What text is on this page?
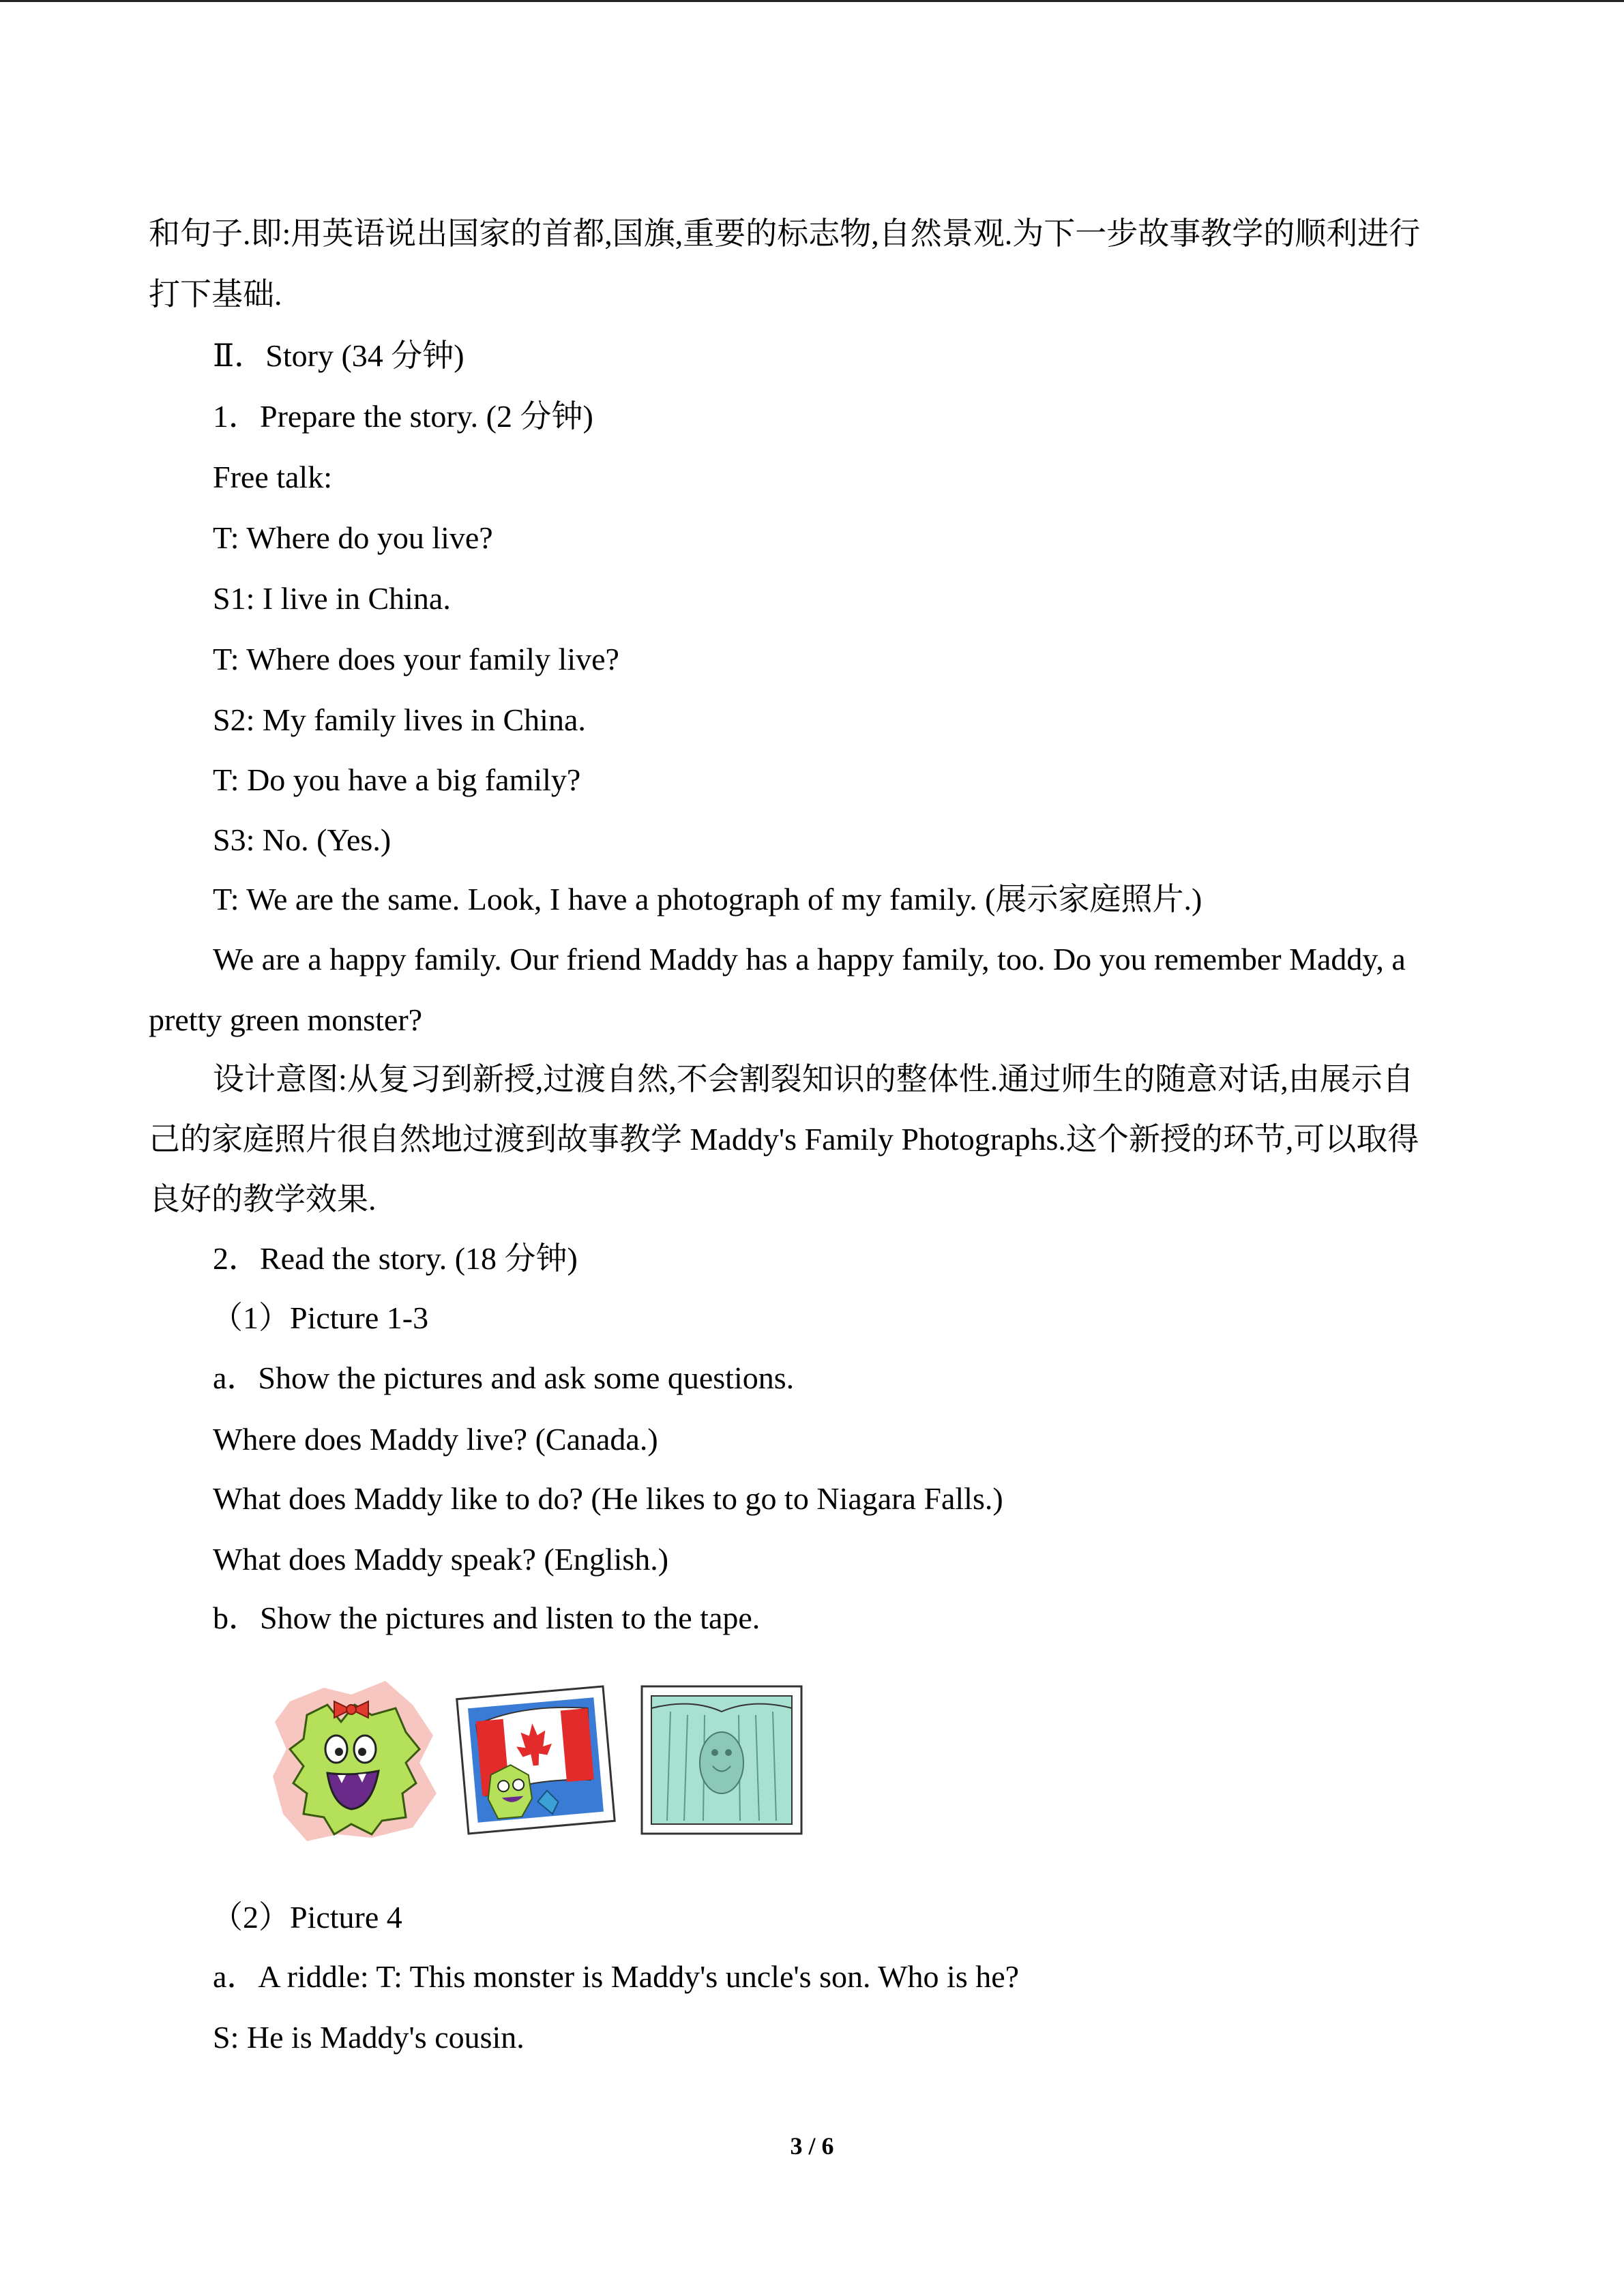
和句子.即:用英语说出国家的首都,国旗,重要的标志物,自然景观.为下一步故事教学的顺利进行
打下基础.
Ⅱ．Story (34 分钟)
1．Prepare the story. (2 分钟)
Free talk:
T: Where do you live?
S1: I live in China.
T: Where does your family live?
S2: My family lives in China.
T: Do you have a big family?
S3: No. (Yes.)
T: We are the same. Look, I have a photograph of my family. (展示家庭照片.)
We are a happy family. Our friend Maddy has a happy family, too. Do you remember Maddy, a
pretty green monster?
设计意图:从复习到新授,过渡自然,不会割裂知识的整体性.通过师生的随意对话,由展示自
己的家庭照片很自然地过渡到故事教学 Maddy's Family Photographs.这个新授的环节,可以取得
良好的教学效果.
2．Read the story. (18 分钟)
（1）Picture 1-3
a．Show the pictures and ask some questions.
Where does Maddy live? (Canada.)
What does Maddy like to do? (He likes to go to Niagara Falls.)
What does Maddy speak? (English.)
b．Show the pictures and listen to the tape.
（2）Picture 4
a．A riddle: T: This monster is Maddy's uncle's son. Who is he?
S: He is Maddy's cousin.
3 / 6
